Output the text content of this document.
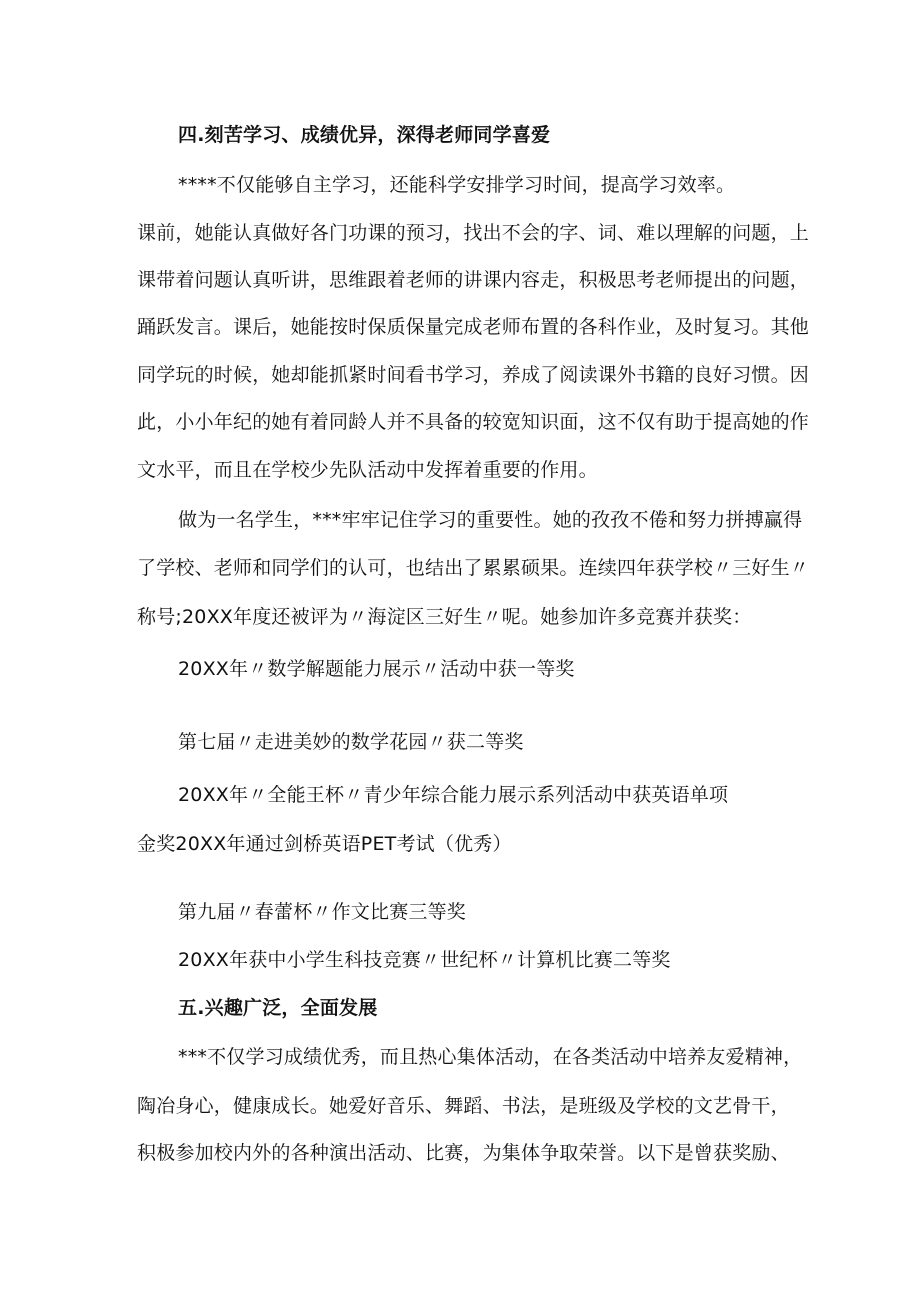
四.刻苦学习、成绩优异，深得老师同学喜爱
****不仅能够自主学习，还能科学安排学习时间，提高学习效率。
课前，她能认真做好各门功课的预习，找出不会的字、词、难以理解的问题，上
课带着问题认真听讲，思维跟着老师的讲课内容走，积极思考老师提出的问题，
踊跃发言。课后，她能按时保质保量完成老师布置的各科作业，及时复习。其他
同学玩的时候，她却能抓紧时间看书学习，养成了阅读课外书籍的良好习惯。因
此，小小年纪的她有着同龄人并不具备的较宽知识面，这不仅有助于提高她的作
文水平，而且在学校少先队活动中发挥着重要的作用。
做为一名学生，***牢牢记住学习的重要性。她的孜孜不倦和努力拼搏赢得
了学校、老师和同学们的认可，也结出了累累硕果。连续四年获学校〃三好生〃
称号;20XX年度还被评为〃海淀区三好生〃呢。她参加许多竞赛并获奖：
20XX年〃数学解题能力展示〃活动中获一等奖
第七届〃走进美妙的数学花园〃获二等奖
20XX年〃全能王杯〃青少年综合能力展示系列活动中获英语单项
金奖20XX年通过剑桥英语PET考试（优秀）
第九届〃春蕾杯〃作文比赛三等奖
20XX年获中小学生科技竞赛〃世纪杯〃计算机比赛二等奖
五.兴趣广泛，全面发展
***不仅学习成绩优秀，而且热心集体活动，在各类活动中培养友爱精神，
陶冶身心，健康成长。她爱好音乐、舞蹈、书法，是班级及学校的文艺骨干，
积极参加校内外的各种演出活动、比赛，为集体争取荣誉。以下是曾获奖励、
